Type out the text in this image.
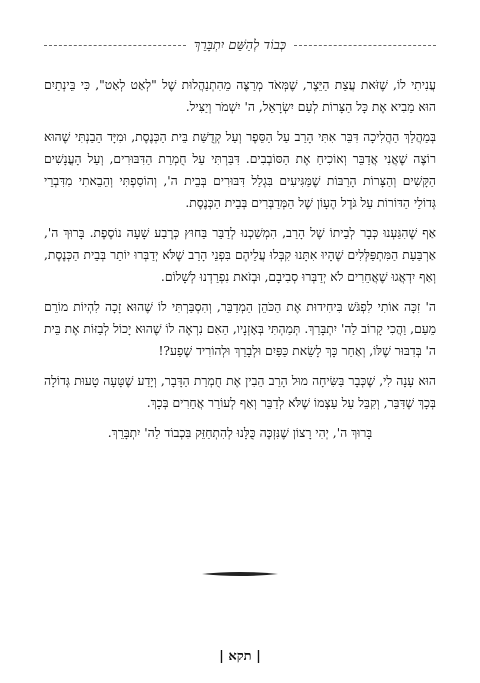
כְּבוֹד לְהַשֵּׁם יִתְבָּרֵךְ

עֲנִיתִי לוֹ, שֶׁזֹּאת עֲצַת הַיֵּצֶר, שֶׁמְּאֹד מְרַצֶּה מֵהִתְנַהֲלוּת שֶׁל "לְאַט לְאַט", כִּי בֵּינְתַיִם הוּא מֵבִיא אֶת כָּל הַצָּרוֹת לְעַם יִשְׂרָאֵל, ה' יִשְׁמֹר וְיַצִּיל.

בְּמַהֲלַךְ הַהֲלִיכָה דִּבֵּר אִתִּי הָרַב עַל הַסֵּפֶר וְעַל קְדֻשַּׁת בֵּית הַכְּנֶסֶת, וּמִיָּד הֵבַנְתִּי שֶׁהוּא רוֹצֶה שֶׁאֲנִי אֲדַבֵּר וְאוֹכִיחַ אֶת הַסּוֹבְבִים. דִּבַּרְתִּי עַל חֻמְרַת הַדִּבּוּרִים, וְעַל הָעֳנָשִׁים הַקָּשִׁים וְהַצָּרוֹת הָרַבּוֹת שֶׁמַּגִּיעִים בִּגְלַל דִּבּוּרִים בְּבֵית ה', וְהוֹסַפְתִּי וְהֵבֵאתִי מִדִּבְרֵי גְּדוֹלֵי הַדּוֹרוֹת עַל גֹּדֶל הֶעָוֹן שֶׁל הַמְּדַבְּרִים בְּבֵית הַכְּנֶסֶת.

אַף שֶׁהִגַּעְנוּ כְּבָר לְבֵיתוֹ שֶׁל הָרַב, הִמְשַׁכְנוּ לְדַבֵּר בַּחוּץ כְּרֶבַע שָׁעָה נוֹסֶפֶת. בָּרוּךְ ה', אַרְבַּעַת הַמִּתְפַּלְּלִים שֶׁהָיוּ אִתָּנוּ קִבְּלוּ עֲלֵיהֶם בִּפְנֵי הָרַב שֶׁלֹּא יְדַבְּרוּ יוֹתֵר בְּבֵית הַכְּנֶסֶת, וְאַף יִדְאֲגוּ שֶׁאֲחֵרִים לֹא יְדַבְּרוּ סְבִיבָם, וּבְזֹאת נִפְרַדְנוּ לְשָׁלוֹם.

ה' זִכָּה אוֹתִי לִפְגֹּשׁ בִּיחִידוּת אֶת הַכֹּהֵן הַמְדַבֵּר, וְהִסְבַּרְתִּי לוֹ שֶׁהוּא זָכָה לִהְיוֹת מוֹרֵם מֵעַם, וַהֲכִי קָרוֹב לַה' יִתְבָּרַךְ. תְּמַהְתִּי בְּאָזְנָיו, הַאִם נִרְאֶה לוֹ שֶׁהוּא יָכוֹל לְבַזּוֹת אֶת בֵּית ה' בְּדִבּוּר שֶׁלּוֹ, וְאַחַר כָּךְ לָשֵׂאת כַּפַּיִם וּלְבָרֵךְ וּלְהוֹרִיד שֶׁפַע?!

הוּא עָנָה לִי, שֶׁכְּבָר בַּשִּׂיחָה מוּל הָרַב הֵבִין אֶת חֻמְרַת הַדָּבָר, וְיָדַע שֶׁטָּעָה טָעוּת גְּדוֹלָה בְּכָךְ שֶׁדִּבֵּר, וְקִבֵּל עַל עַצְמוֹ שֶׁלֹּא לְדַבֵּר וְאַף לְעוֹרֵר אֲחֵרִים בְּכָךְ.

בָּרוּךְ ה', יְהִי רָצוֹן שֶׁנִּזְכֶּה כֻּלָּנוּ לְהִתְחַזֵּק בִּכְבוֹד לַה' יִתְבָּרֵךְ.

| תקא |
